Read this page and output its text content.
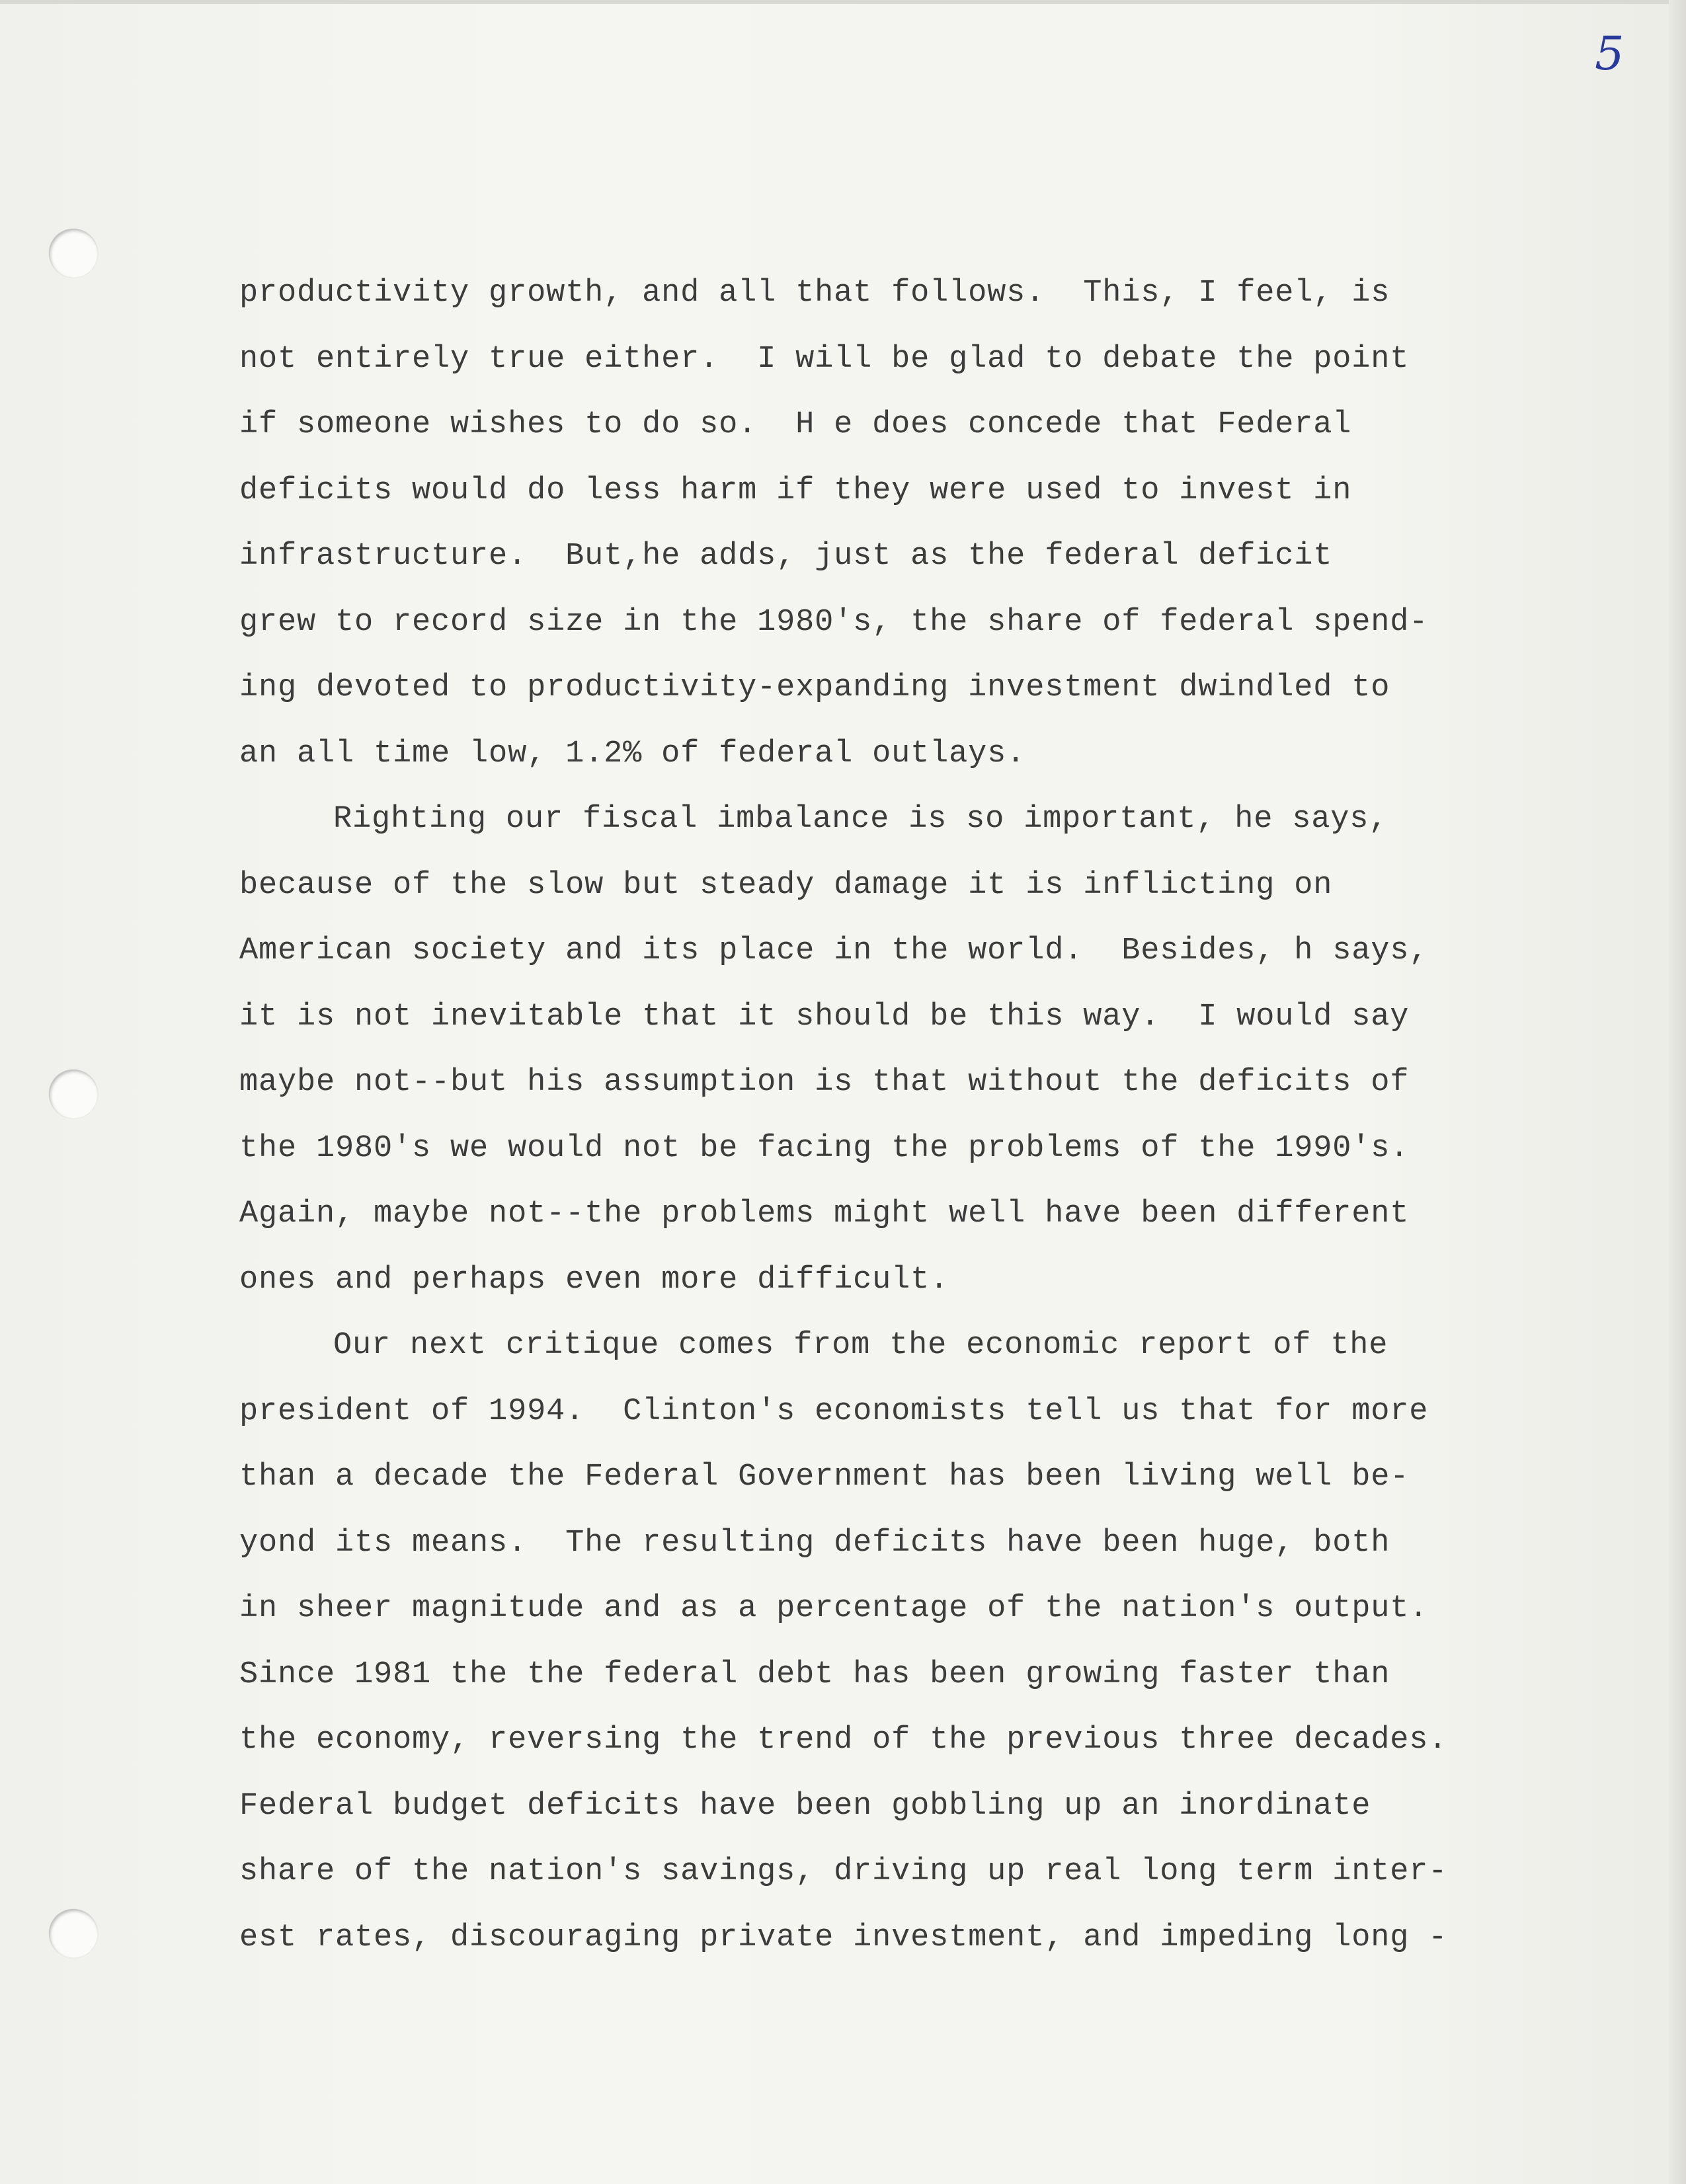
5
productivity growth, and all that follows.  This, I feel, is
not entirely true either.  I will be glad to debate the point
if someone wishes to do so.  H e does concede that Federal
deficits would do less harm if they were used to invest in
infrastructure.  But,he adds, just as the federal deficit
grew to record size in the 1980's, the share of federal spend-
ing devoted to productivity-expanding investment dwindled to
an all time low, 1.2% of federal outlays.
Righting our fiscal imbalance is so important, he says,
because of the slow but steady damage it is inflicting on
American society and its place in the world.  Besides, h says,
it is not inevitable that it should be this way.  I would say
maybe not--but his assumption is that without the deficits of
the 1980's we would not be facing the problems of the 1990's.
Again, maybe not--the problems might well have been different
ones and perhaps even more difficult.
Our next critique comes from the economic report of the
president of 1994.  Clinton's economists tell us that for more
than a decade the Federal Government has been living well be-
yond its means.  The resulting deficits have been huge, both
in sheer magnitude and as a percentage of the nation's output.
Since 1981 the the federal debt has been growing faster than
the economy, reversing the trend of the previous three decades.
Federal budget deficits have been gobbling up an inordinate
share of the nation's savings, driving up real long term inter-
est rates, discouraging private investment, and impeding long -
